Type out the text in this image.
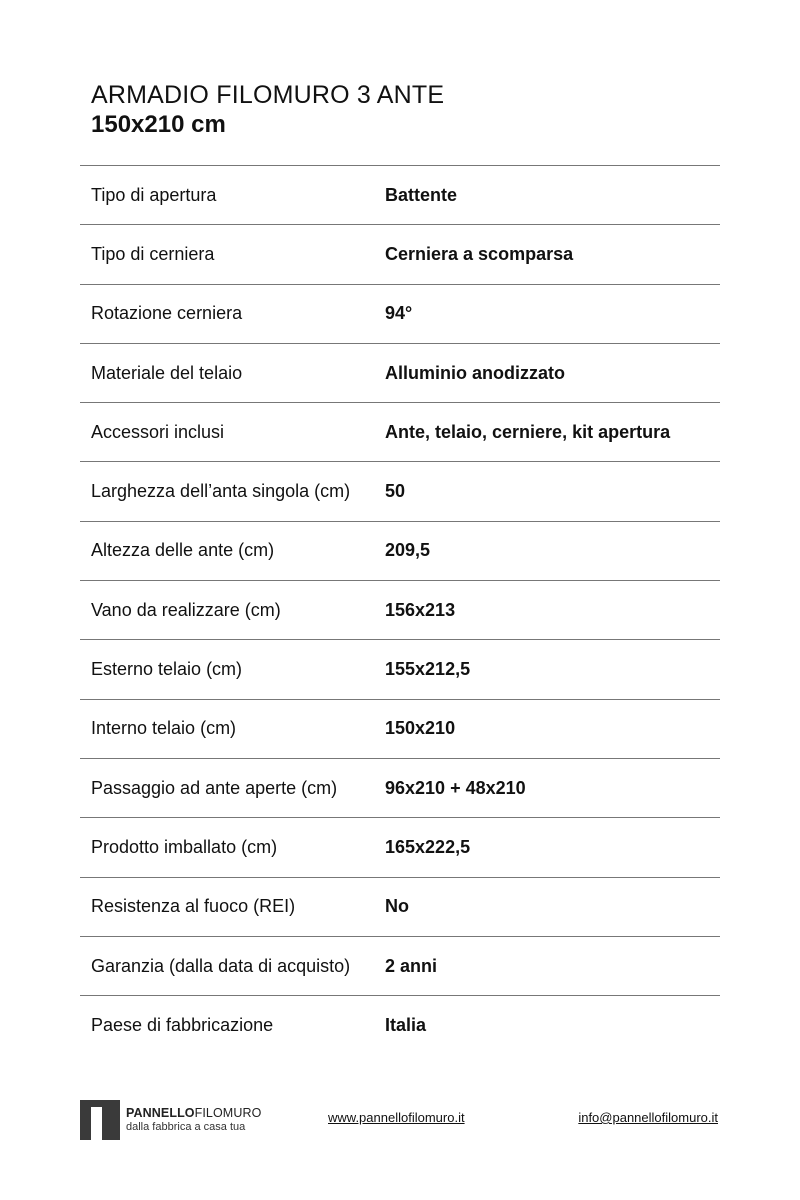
ARMADIO FILOMURO 3 ANTE
150x210 cm
Tipo di apertura	Battente
Tipo di cerniera	Cerniera a scomparsa
Rotazione cerniera	94°
Materiale del telaio	Alluminio anodizzato
Accessori inclusi	Ante, telaio, cerniere, kit apertura
Larghezza dell’anta singola (cm)	50
Altezza delle ante (cm)	209,5
Vano da realizzare (cm)	156x213
Esterno telaio (cm)	155x212,5
Interno telaio (cm)	150x210
Passaggio ad ante aperte (cm)	96x210 + 48x210
Prodotto imballato (cm)	165x222,5
Resistenza al fuoco (REI)	No
Garanzia (dalla data di acquisto)	2 anni
Paese di fabbricazione	Italia
PANNELLOFILOMURO
dalla fabbrica a casa tua
www.pannellofilomuro.it	info@pannellofilomuro.it
